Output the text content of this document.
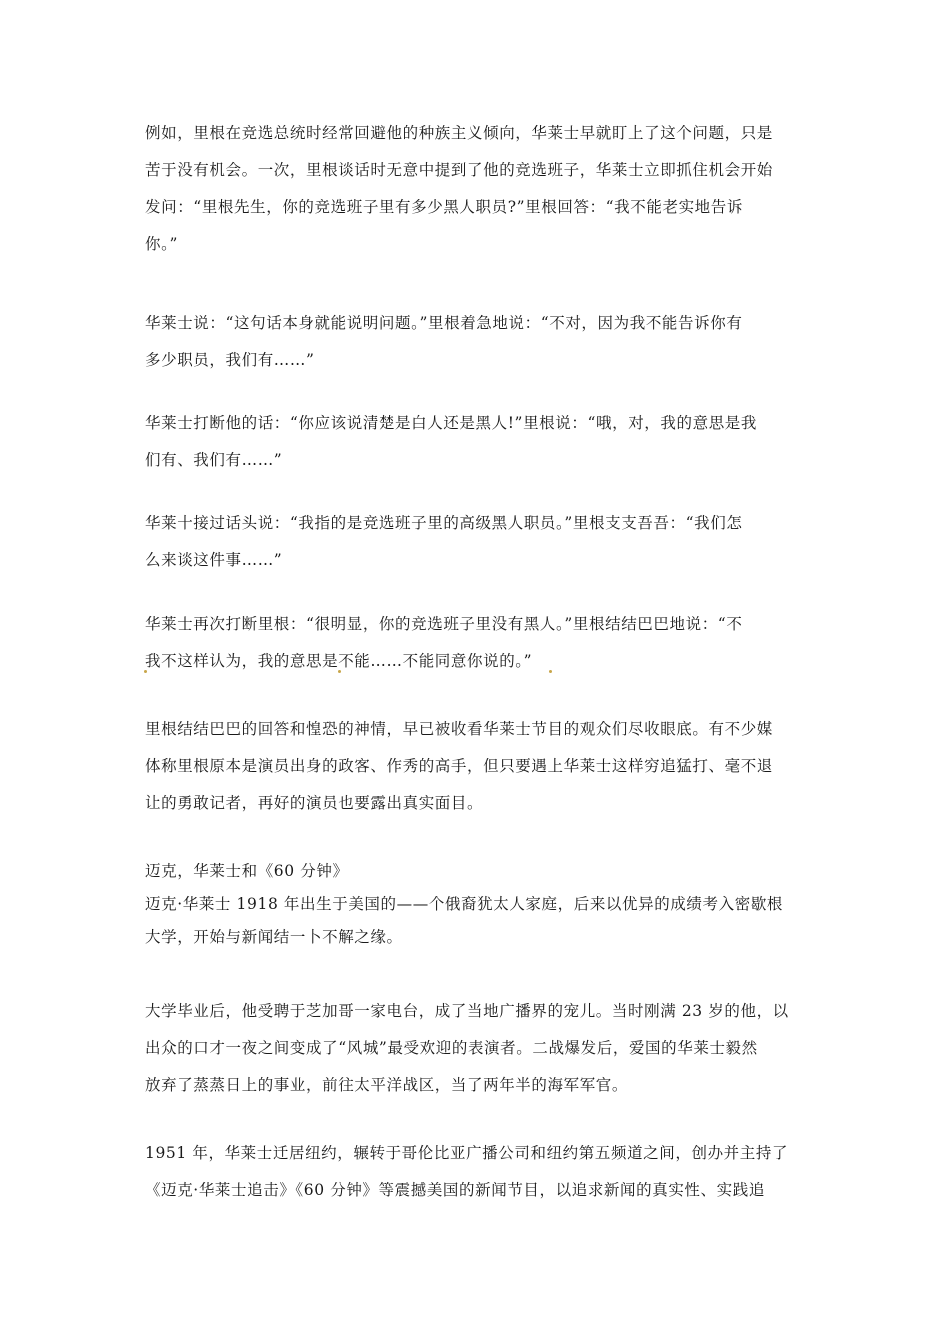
例如，里根在竞选总统时经常回避他的种族主义倾向，华莱士早就盯上了这个问题，只是
苦于没有机会。一次，里根谈话时无意中提到了他的竞选班子，华莱士立即抓住机会开始
发问：“里根先生，你的竞选班子里有多少黑人职员?”里根回答：“我不能老实地告诉
你。”
华莱士说：“这句话本身就能说明问题。”里根着急地说：“不对，因为我不能告诉你有
多少职员，我们有……”
华莱士打断他的话：“你应该说清楚是白人还是黑人!”里根说：“哦，对，我的意思是我
们有、我们有……”
华莱十接过话头说：“我指的是竞选班子里的高级黑人职员。”里根支支吾吾：“我们怎
么来谈这件事……”
华莱士再次打断里根：“很明显，你的竞选班子里没有黑人。”里根结结巴巴地说：“不
我不这样认为，我的意思是不能……不能同意你说的。”
里根结结巴巴的回答和惶恐的神情，早已被收看华莱士节目的观众们尽收眼底。有不少媒
体称里根原本是演员出身的政客、作秀的高手，但只要遇上华莱士这样穷追猛打、毫不退
让的勇敢记者，再好的演员也要露出真实面目。
迈克，华莱士和《60 分钟》
迈克·华莱士 1918 年出生于美国的——个俄裔犹太人家庭，后来以优异的成绩考入密歇根
大学，开始与新闻结一卜不解之缘。
大学毕业后，他受聘于芝加哥一家电台，成了当地广播界的宠儿。当时刚满 23 岁的他，以
出众的口才一夜之间变成了“风城”最受欢迎的表演者。二战爆发后，爱国的华莱士毅然
放弃了蒸蒸日上的事业，前往太平洋战区，当了两年半的海军军官。
1951 年，华莱士迁居纽约，辗转于哥伦比亚广播公司和纽约第五频道之间，创办并主持了
《迈克·华莱士追击》《60 分钟》等震撼美国的新闻节目，以追求新闻的真实性、实践追
